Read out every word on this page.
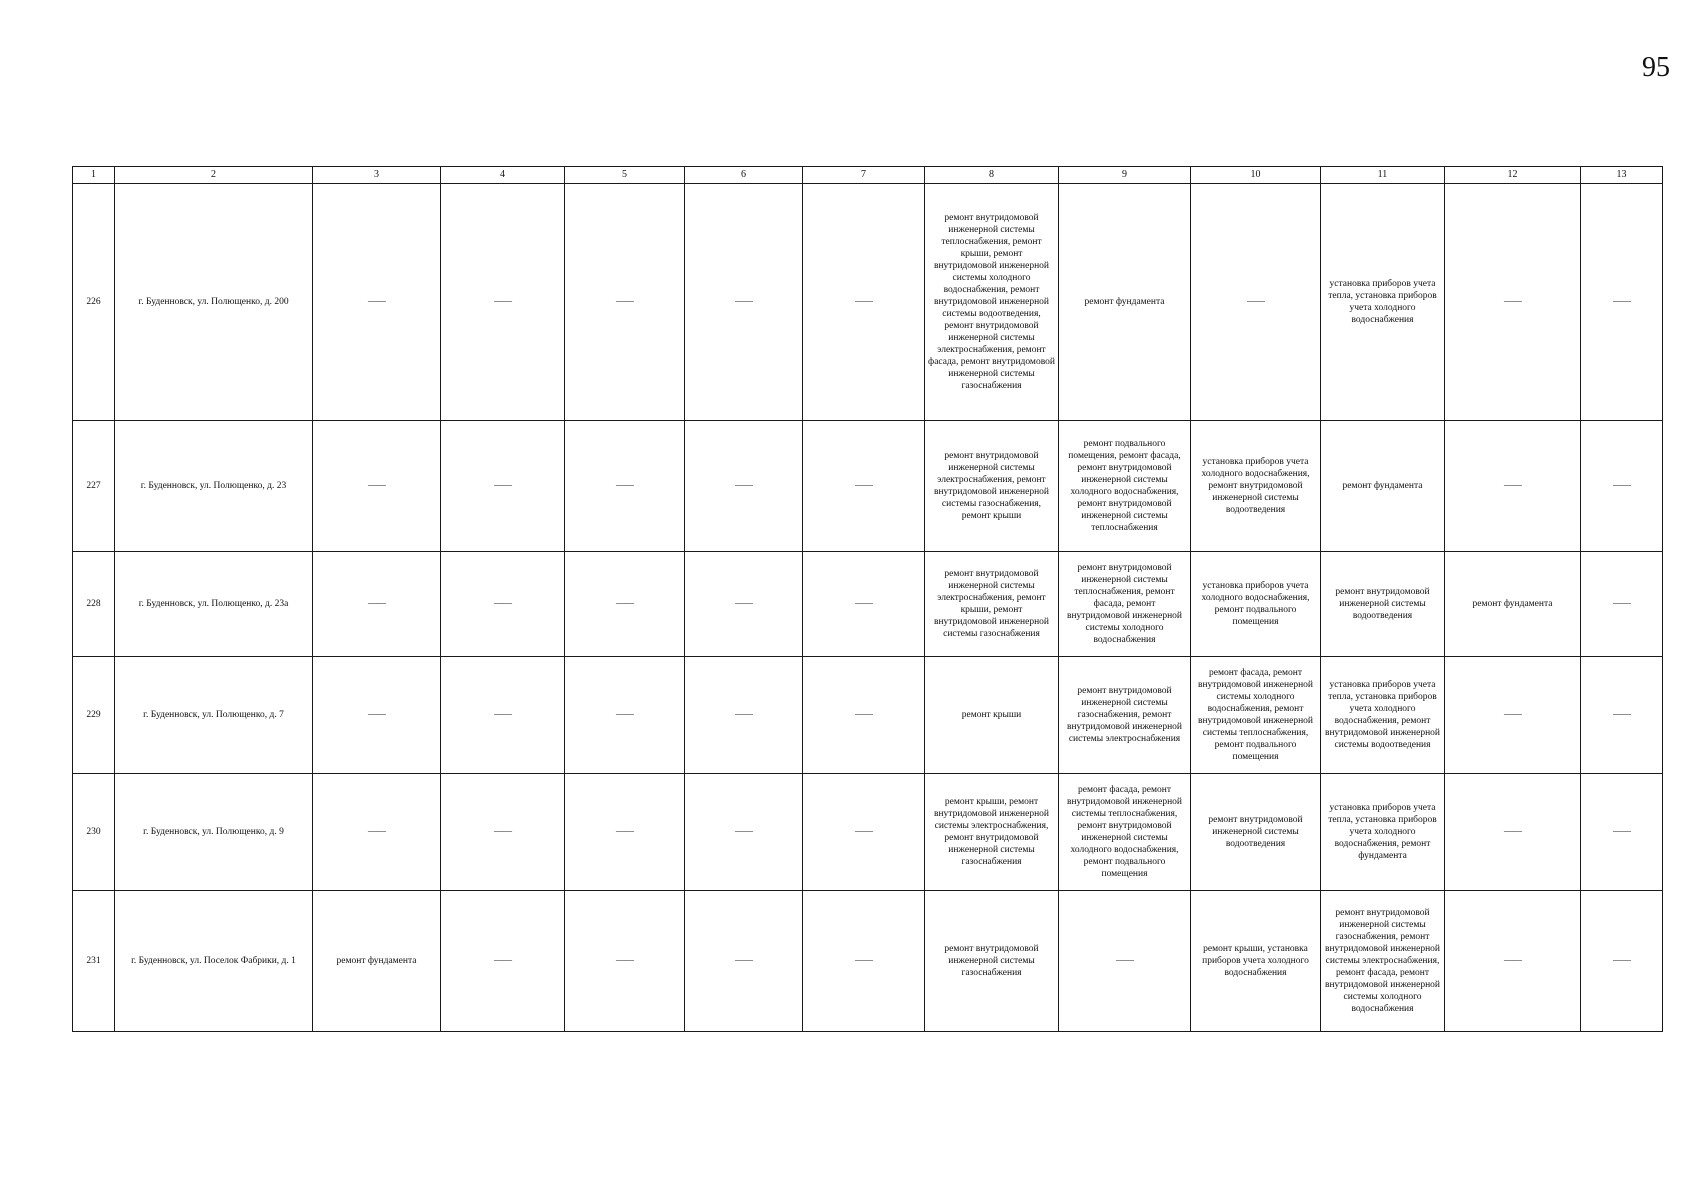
95
1	2	3	4	5	6	7	8	9	10	11	12	13
226	г. Буденновск, ул. Полющенко, д. 200	——	——	——	——	——	ремонт внутридомовой инженерной системы теплоснабжения, ремонт крыши, ремонт внутридомовой инженерной системы холодного водоснабжения, ремонт внутридомовой инженерной системы водоотведения, ремонт внутридомовой инженерной системы электроснабжения, ремонт фасада, ремонт внутридомовой инженерной системы газоснабжения	ремонт фундамента	——	установка приборов учета тепла, установка приборов учета холодного водоснабжения	——	——
227	г. Буденновск, ул. Полющенко, д. 23	——	——	——	——	——	ремонт внутридомовой инженерной системы электроснабжения, ремонт внутридомовой инженерной системы газоснабжения, ремонт крыши	ремонт подвального помещения, ремонт фасада, ремонт внутридомовой инженерной системы холодного водоснабжения, ремонт внутридомовой инженерной системы теплоснабжения	установка приборов учета холодного водоснабжения, ремонт внутридомовой инженерной системы водоотведения	ремонт фундамента	——	——
228	г. Буденновск, ул. Полющенко, д. 23а	——	——	——	——	——	ремонт внутридомовой инженерной системы электроснабжения, ремонт крыши, ремонт внутридомовой инженерной системы газоснабжения	ремонт внутридомовой инженерной системы теплоснабжения, ремонт фасада, ремонт внутридомовой инженерной системы холодного водоснабжения	установка приборов учета холодного водоснабжения, ремонт подвального помещения	ремонт внутридомовой инженерной системы водоотведения	ремонт фундамента	——
229	г. Буденновск, ул. Полющенко, д. 7	——	——	——	——	——	ремонт крыши	ремонт внутридомовой инженерной системы газоснабжения, ремонт внутридомовой инженерной системы электроснабжения	ремонт фасада, ремонт внутридомовой инженерной системы холодного водоснабжения, ремонт внутридомовой инженерной системы теплоснабжения, ремонт подвального помещения	установка приборов учета тепла, установка приборов учета холодного водоснабжения, ремонт внутридомовой инженерной системы водоотведения	——	——
230	г. Буденновск, ул. Полющенко, д. 9	——	——	——	——	——	ремонт крыши, ремонт внутридомовой инженерной системы электроснабжения, ремонт внутридомовой инженерной системы газоснабжения	ремонт фасада, ремонт внутридомовой инженерной системы теплоснабжения, ремонт внутридомовой инженерной системы холодного водоснабжения, ремонт подвального помещения	ремонт внутридомовой инженерной системы водоотведения	установка приборов учета тепла, установка приборов учета холодного водоснабжения, ремонт фундамента	——	——
231	г. Буденновск, ул. Поселок Фабрики, д. 1	ремонт фундамента	——	——	——	——	ремонт внутридомовой инженерной системы газоснабжения	——	ремонт крыши, установка приборов учета холодного водоснабжения	ремонт внутридомовой инженерной системы газоснабжения, ремонт внутридомовой инженерной системы электроснабжения, ремонт фасада, ремонт внутридомовой инженерной системы холодного водоснабжения	——	——
